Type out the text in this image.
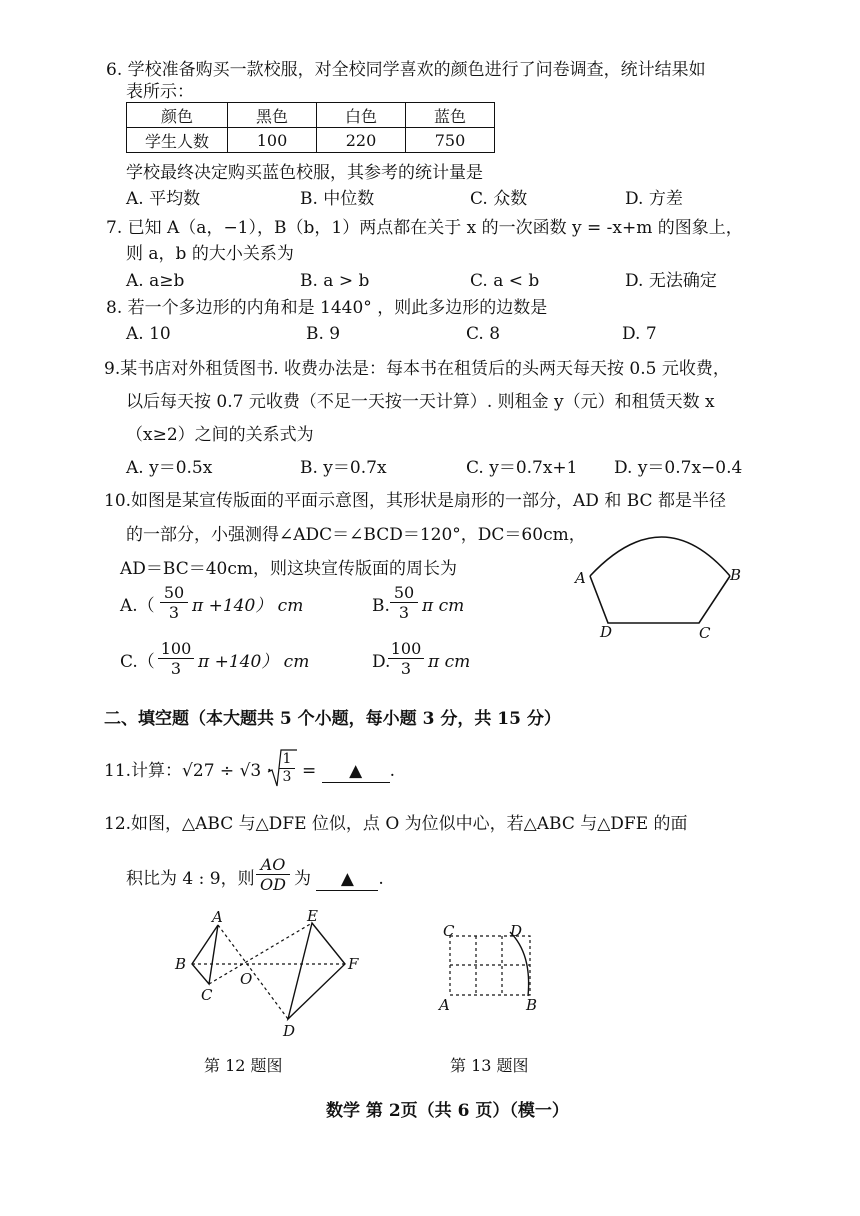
6. 学校准备购买一款校服，对全校同学喜欢的颜色进行了问卷调查，统计结果如
表所示：
颜色	黑色	白色	蓝色
学生人数	100	220	750
学校最终决定购买蓝色校服，其参考的统计量是
A. 平均数	B. 中位数	C. 众数	D. 方差
7. 已知 A（a，−1），B（b，1）两点都在关于 x 的一次函数 y = -x+m 的图象上，
则 a，b 的大小关系为
A. a≥b	B. a > b	C. a < b	D. 无法确定
8. 若一个多边形的内角和是 1440° ，则此多边形的边数是
A. 10	B. 9	C. 8	D. 7
9.某书店对外租赁图书. 收费办法是：每本书在租赁后的头两天每天按 0.5 元收费，
以后每天按 0.7 元收费（不足一天按一天计算）. 则租金 y（元）和租赁天数 x
（x≥2）之间的关系式为
A. y＝0.5x	B. y＝0.7x	C. y＝0.7x+1 D. y＝0.7x−0.4
10.如图是某宣传版面的平面示意图，其形状是扇形的一部分，AD 和 BC 都是半径
的一部分，小强测得∠ADC＝∠BCD＝120°，DC＝60cm，
AD＝BC＝40cm，则这块宣传版面的周长为
$A.( \frac{50}{3}$ π +140） cm	B. $\frac{50}{3}$ π cm
$C.( \frac{100}{3}$ π +140） cm	D.
$\frac{100}{3}$ π cm
A	B
C
D
二、填空题（本大题共 5 个小题，每小题 3 分，共 15 分）
11.计算：$√27 \div √3 \cdot \frac{1}{3}$ = ▲ .
12.如图，△ABC 与△DFE 位似，点 O 为位似中心，若△ABC 与△DFE 的面
积比为 4 : 9，则 $\frac{AO}{OD}$ 为 ▲ .
A
B
C
O
E
F
D
C	D
A	B
第 12 题图	第 13 题图
数学 第 2页（共 6 页）（模一）
